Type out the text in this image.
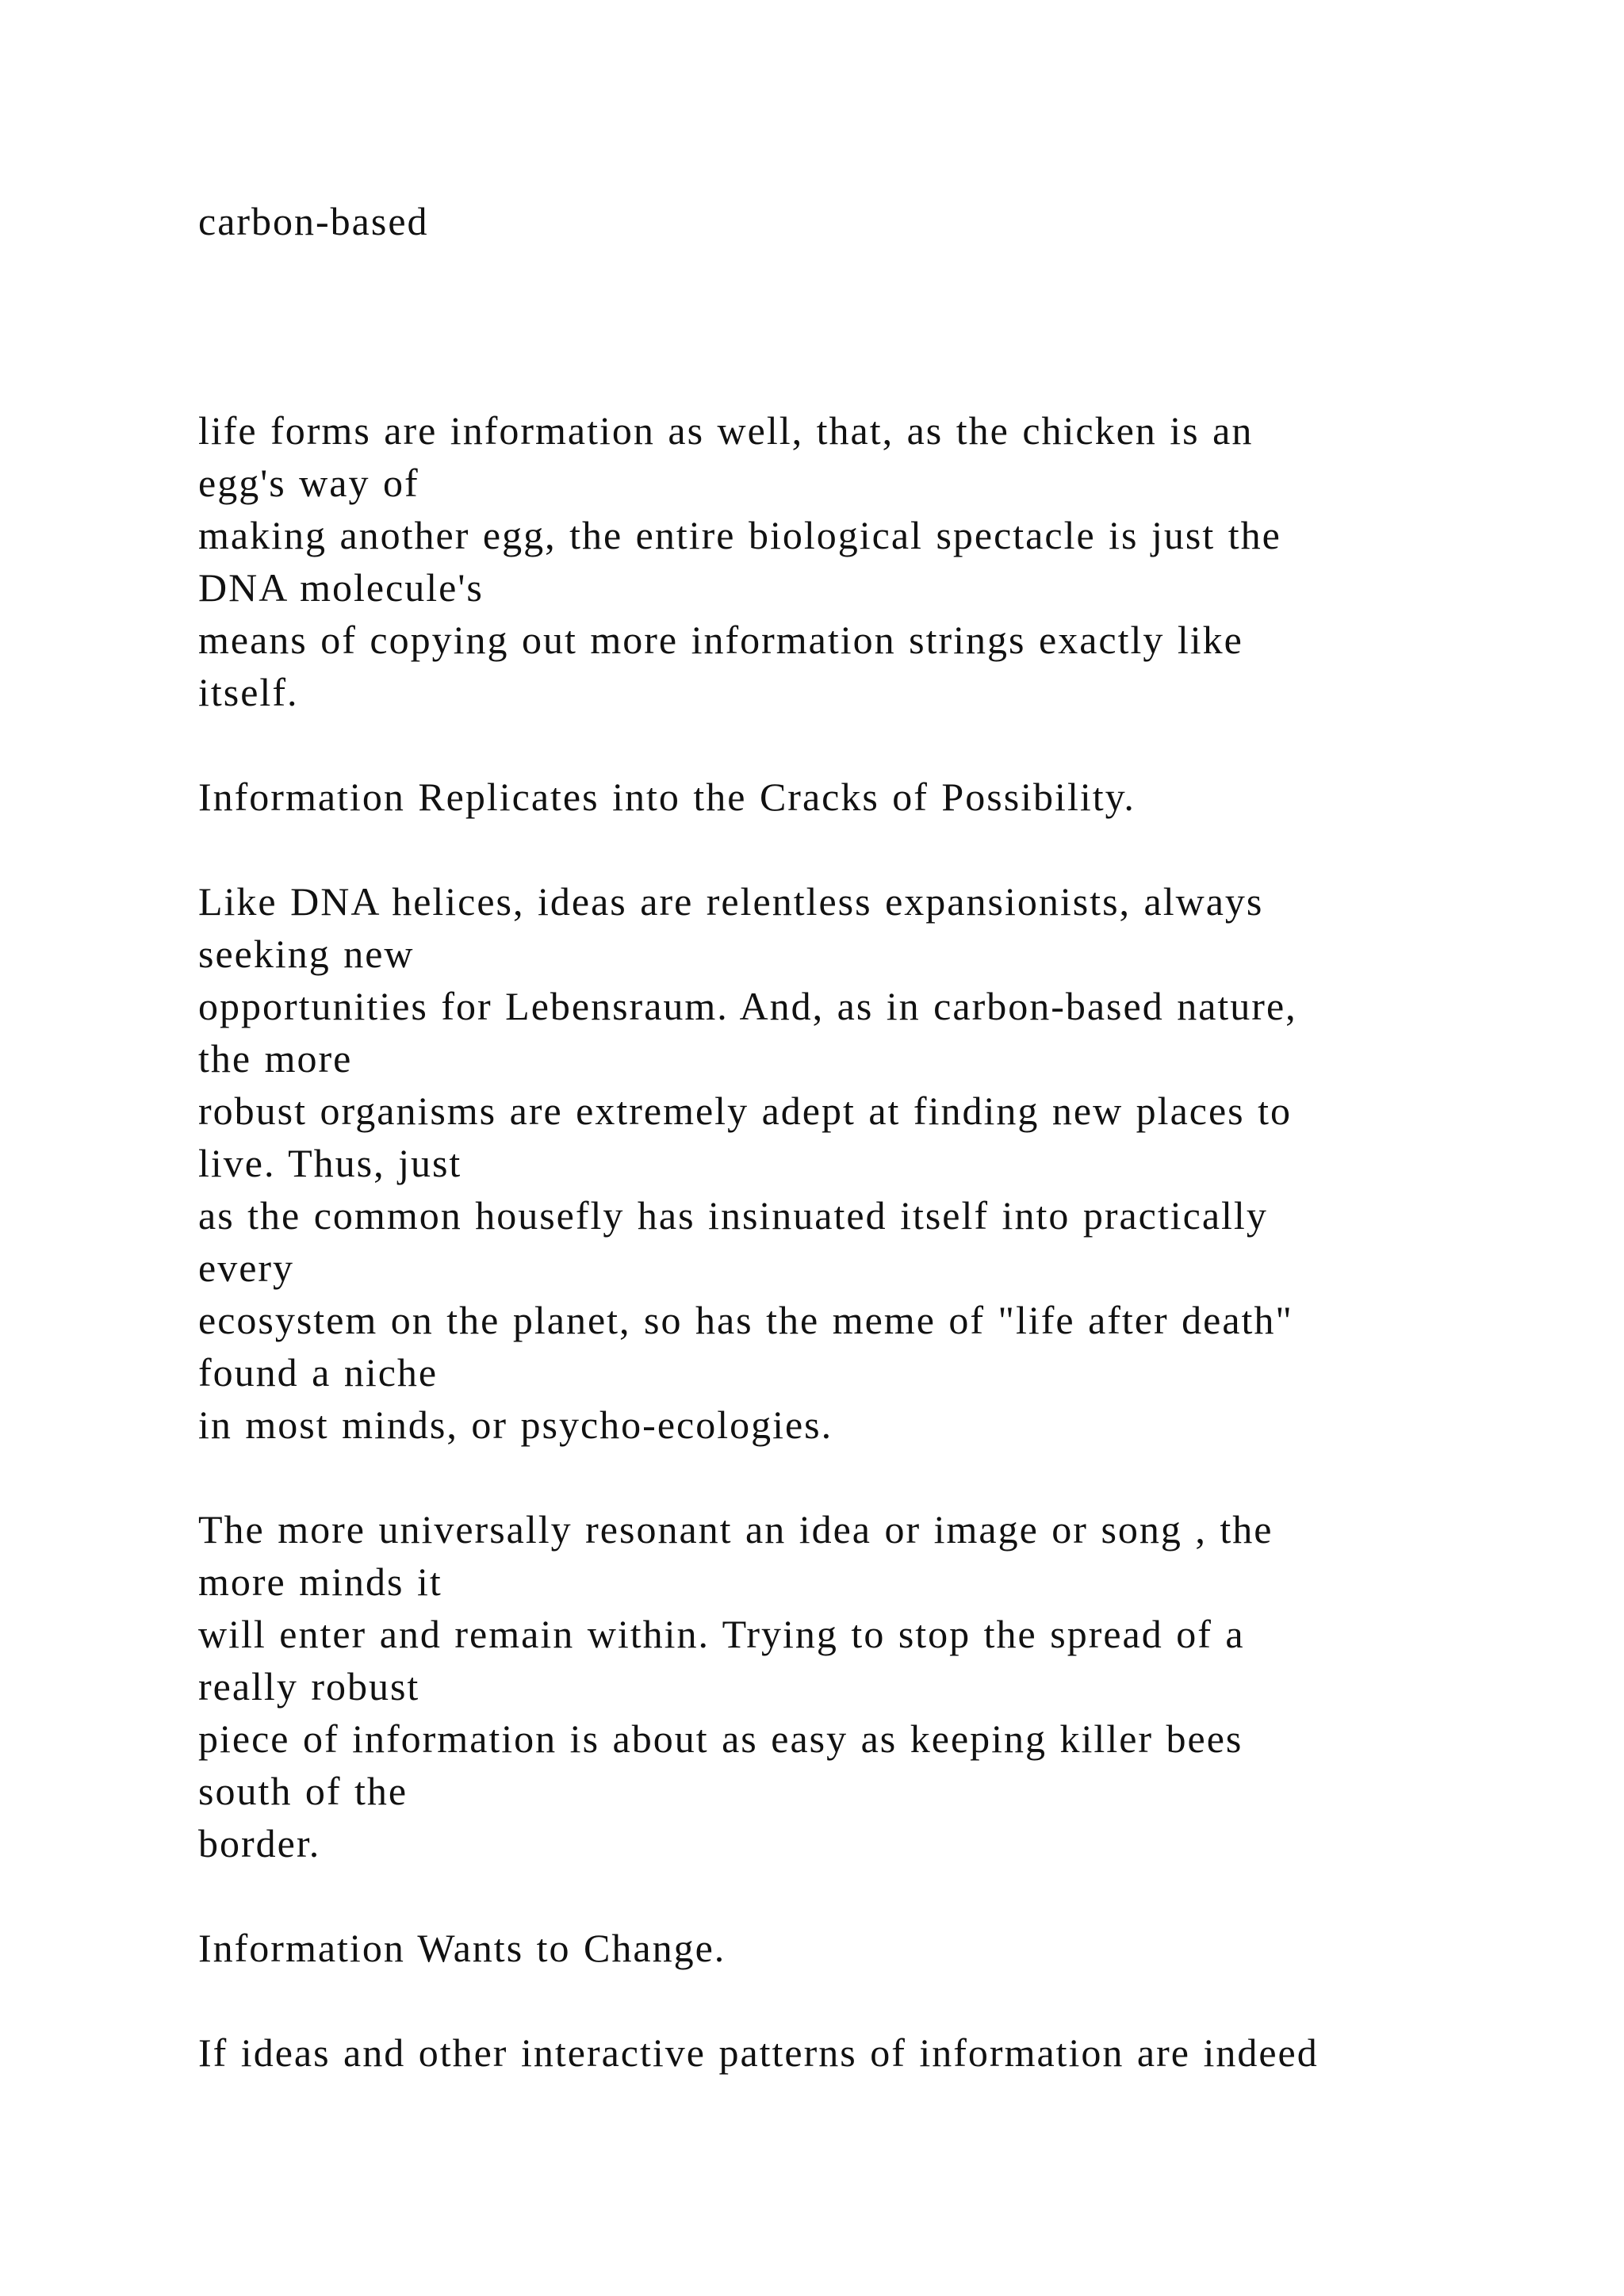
carbon-based
life forms are information as well, that, as the chicken is an
egg's way of
making another egg, the entire biological spectacle is just the
DNA molecule's
means of copying out more information strings exactly like
itself.
Information Replicates into the Cracks of Possibility.
Like DNA helices, ideas are relentless expansionists, always
seeking new
opportunities for Lebensraum. And, as in carbon-based nature,
the more
robust organisms are extremely adept at finding new places to
live. Thus, just
as the common housefly has insinuated itself into practically
every
ecosystem on the planet, so has the meme of "life after death"
found a niche
in most minds, or psycho-ecologies.
The more universally resonant an idea or image or song , the
more minds it
will enter and remain within. Trying to stop the spread of a
really robust
piece of information is about as easy as keeping killer bees
south of the
border.
Information Wants to Change.
If ideas and other interactive patterns of information are indeed
